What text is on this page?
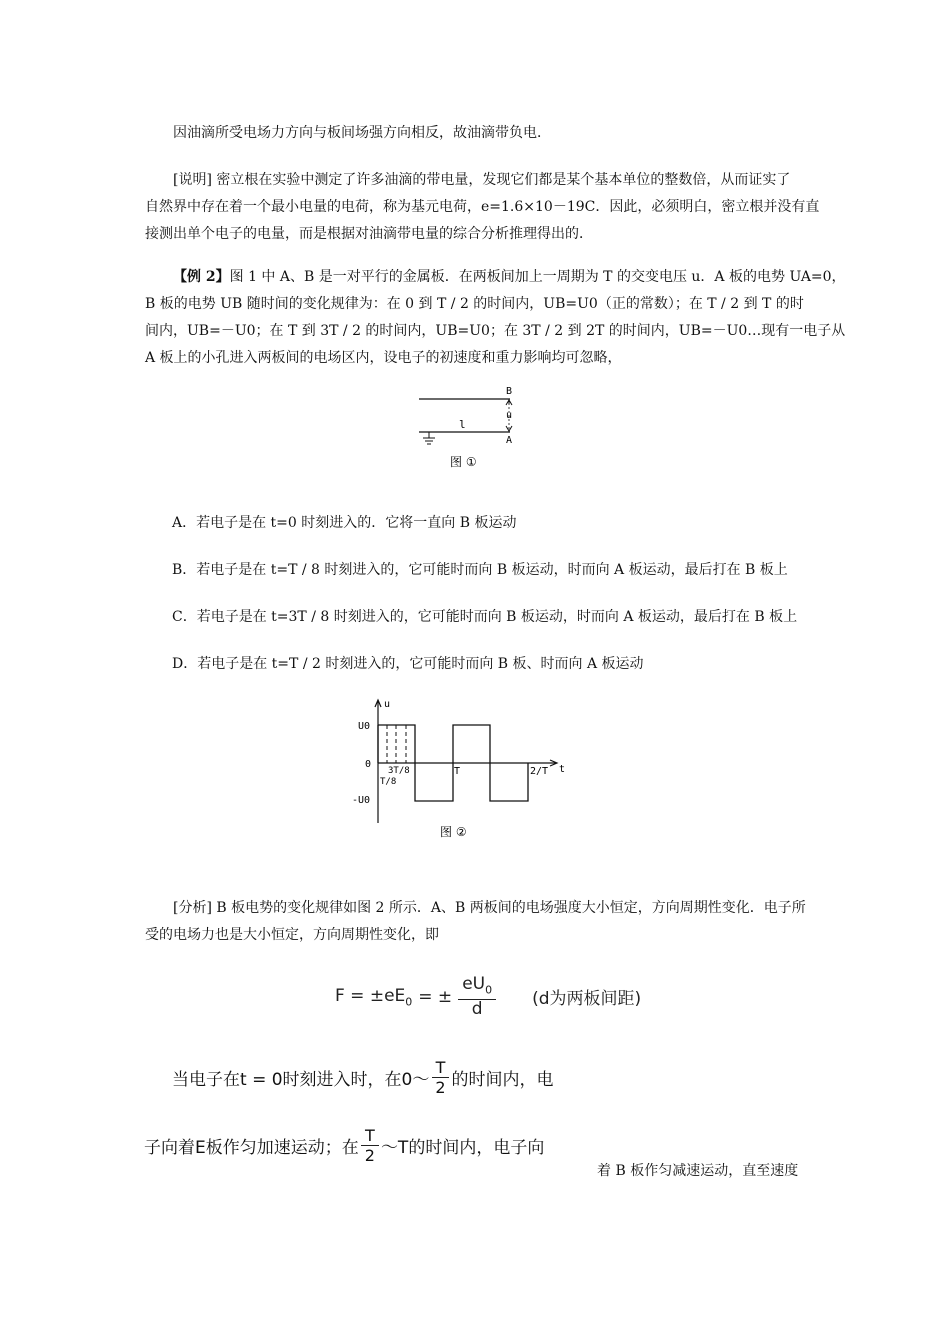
因油滴所受电场力方向与板间场强方向相反，故油滴带负电．

[说明] 密立根在实验中测定了许多油滴的带电量，发现它们都是某个基本单位的整数倍，从而证实了
自然界中存在着一个最小电量的电荷，称为基元电荷，e=1.6×10－19C．因此，必须明白，密立根并没有直
接测出单个电子的电量，而是根据对油滴带电量的综合分析推理得出的．
【例 2】图 1 中 A、B 是一对平行的金属板．在两板间加上一周期为 T 的交变电压 u．A 板的电势 UA=0，
B 板的电势 UB 随时间的变化规律为：在 0 到 T / 2 的时间内，UB=U0（正的常数）；在 T / 2 到 T 的时
间内，UB=－U0；在 T 到 3T / 2 的时间内，UB=U0；在 3T / 2 到 2T 的时间内，UB=－U0…现有一电子从
A 板上的小孔进入两板间的电场区内，设电子的初速度和重力影响均可忽略，
B
A
u
l
图 ①

A．若电子是在 t=0 时刻进入的．它将一直向 B 板运动

B．若电子是在 t=T / 8 时刻进入的，它可能时而向 B 板运动，时而向 A 板运动，最后打在 B 板上

C．若电子是在 t=3T / 8 时刻进入的，它可能时而向 B 板运动，时而向 A 板运动，最后打在 B 板上

D．若电子是在 t=T / 2 时刻进入的，它可能时而向 B 板、时而向 A 板运动

u
t
U0
0
-U0
3T/8
T/8
T	2/T
图 ②
[分析] B 板电势的变化规律如图 2 所示．A、B 两板间的电场强度大小恒定，方向周期性变化．电子所
受的电场力也是大小恒定，方向周期性变化，即
$F = \pm eE_0$ = ± $\frac{eU_0}{d} (d$为两板间距)
当电子在t = 0时刻进入时，在0～ $\frac{T}{2}$ 的时间内，电
子向着E板作匀加速运动；在 $\frac{T}{2}$ ～T的时间内，电子向
着 B 板作匀减速运动，直至速度
